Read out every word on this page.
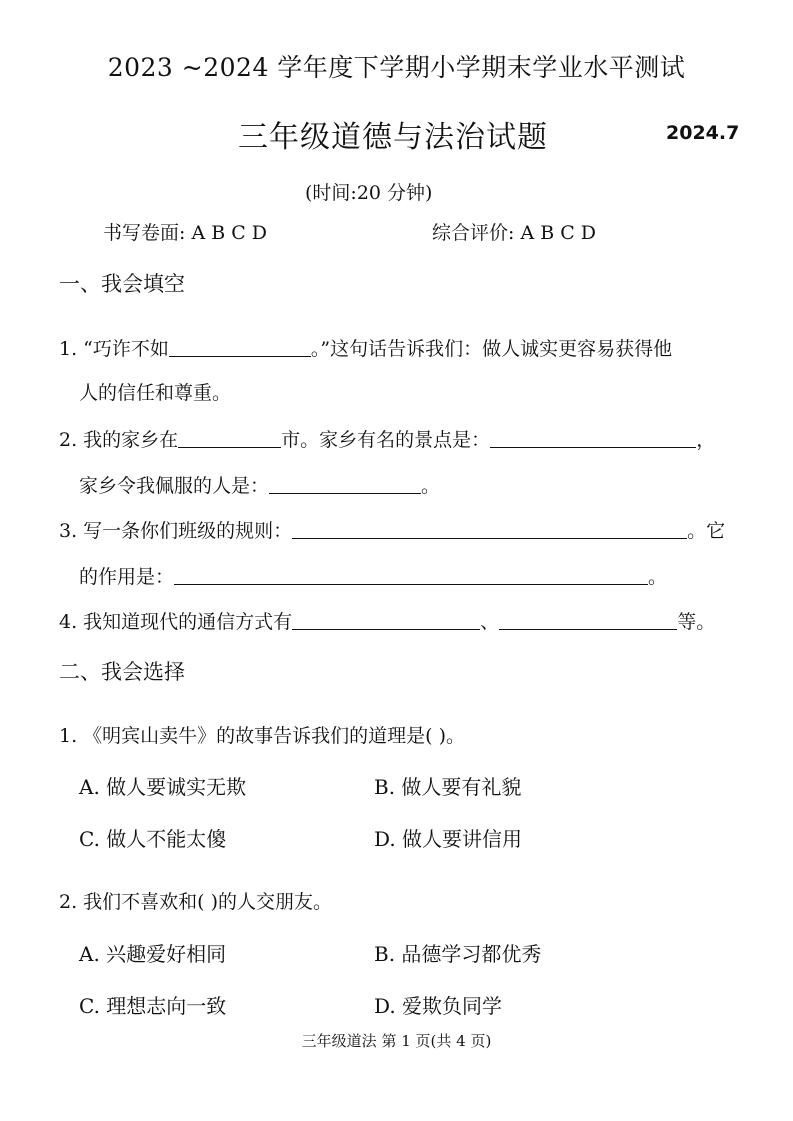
2023 ~2024 学年度下学期小学期末学业水平测试
三年级道德与法治试题	2024.7
(时间:20 分钟)
书写卷面: A B C D	综合评价: A B C D
一、我会填空
1. “巧诈不如	。”这句话告诉我们：做人诚实更容易获得他
人的信任和尊重。
2. 我的家乡在	市。家乡有名的景点是：	，
家乡令我佩服的人是：	。
3. 写一条你们班级的规则：	。它
的作用是：	。
4. 我知道现代的通信方式有	、	等。
二、我会选择
1. 《明宾山卖牛》的故事告诉我们的道理是( )。
A. 做人要诚实无欺	B. 做人要有礼貌
C. 做人不能太傻	D. 做人要讲信用
2. 我们不喜欢和( )的人交朋友。
A. 兴趣爱好相同	B. 品德学习都优秀
C. 理想志向一致	D. 爱欺负同学
三年级道法 第 1 页(共 4 页)
